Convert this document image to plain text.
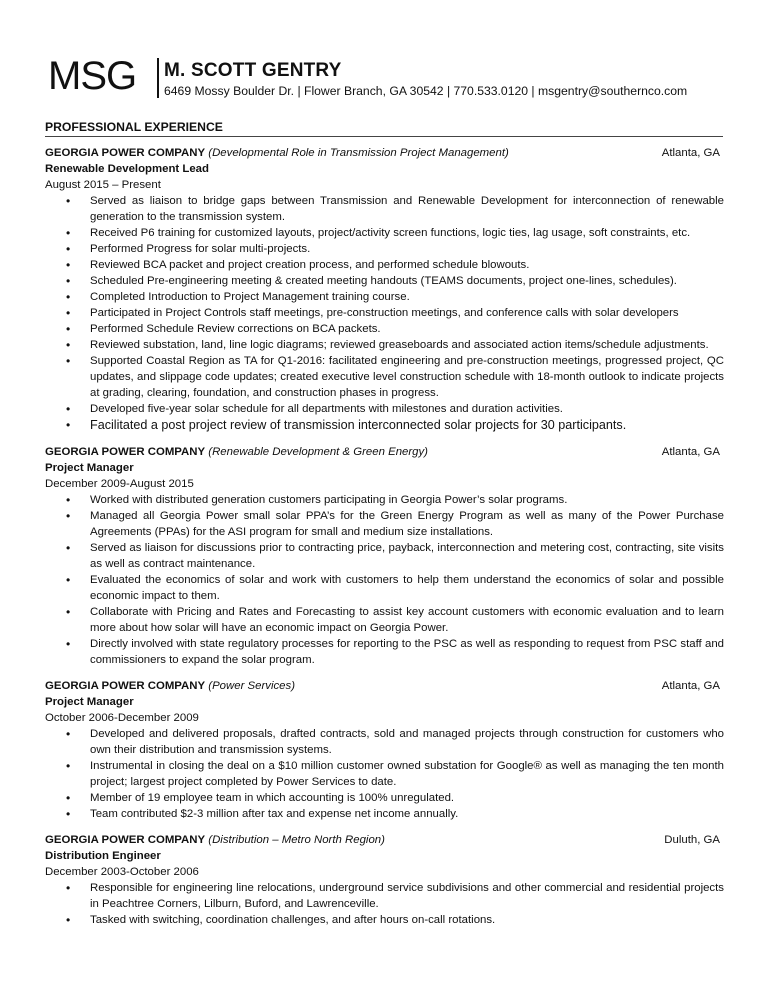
MSG M. SCOTT GENTRY
6469 Mossy Boulder Dr. | Flower Branch, GA 30542 | 770.533.0120 | msgentry@southernco.com
PROFESSIONAL EXPERIENCE
GEORGIA POWER COMPANY (Developmental Role in Transmission Project Management)	Atlanta, GA
Renewable Development Lead
August 2015 – Present
• Served as liaison to bridge gaps between Transmission and Renewable Development for interconnection of renewable generation to the transmission system.
• Received P6 training for customized layouts, project/activity screen functions, logic ties, lag usage, soft constraints, etc.
• Performed Progress for solar multi-projects.
• Reviewed BCA packet and project creation process, and performed schedule blowouts.
• Scheduled Pre-engineering meeting & created meeting handouts (TEAMS documents, project one-lines, schedules).
• Completed Introduction to Project Management training course.
• Participated in Project Controls staff meetings, pre-construction meetings, and conference calls with solar developers
• Performed Schedule Review corrections on BCA packets.
• Reviewed substation, land, line logic diagrams; reviewed greaseboards and associated action items/schedule adjustments.
• Supported Coastal Region as TA for Q1-2016: facilitated engineering and pre-construction meetings, progressed project, QC updates, and slippage code updates; created executive level construction schedule with 18-month outlook to indicate projects at grading, clearing, foundation, and construction phases in progress.
• Developed five-year solar schedule for all departments with milestones and duration activities.
• Facilitated a post project review of transmission interconnected solar projects for 30 participants.
GEORGIA POWER COMPANY (Renewable Development & Green Energy)	Atlanta, GA
Project Manager
December 2009-August 2015
• Worked with distributed generation customers participating in Georgia Power’s solar programs.
• Managed all Georgia Power small solar PPA’s for the Green Energy Program as well as many of the Power Purchase Agreements (PPAs) for the ASI program for small and medium size installations.
• Served as liaison for discussions prior to contracting price, payback, interconnection and metering cost, contracting, site visits as well as contract maintenance.
• Evaluated the economics of solar and work with customers to help them understand the economics of solar and possible economic impact to them.
• Collaborate with Pricing and Rates and Forecasting to assist key account customers with economic evaluation and to learn more about how solar will have an economic impact on Georgia Power.
• Directly involved with state regulatory processes for reporting to the PSC as well as responding to request from PSC staff and commissioners to expand the solar program.
GEORGIA POWER COMPANY (Power Services)	Atlanta, GA
Project Manager
October 2006-December 2009
• Developed and delivered proposals, drafted contracts, sold and managed projects through construction for customers who own their distribution and transmission systems.
• Instrumental in closing the deal on a $10 million customer owned substation for Google® as well as managing the ten month project; largest project completed by Power Services to date.
• Member of 19 employee team in which accounting is 100% unregulated.
• Team contributed $2-3 million after tax and expense net income annually.
GEORGIA POWER COMPANY (Distribution – Metro North Region)	Duluth, GA
Distribution Engineer
December 2003-October 2006
• Responsible for engineering line relocations, underground service subdivisions and other commercial and residential projects in Peachtree Corners, Lilburn, Buford, and Lawrenceville.
• Tasked with switching, coordination challenges, and after hours on-call rotations.
